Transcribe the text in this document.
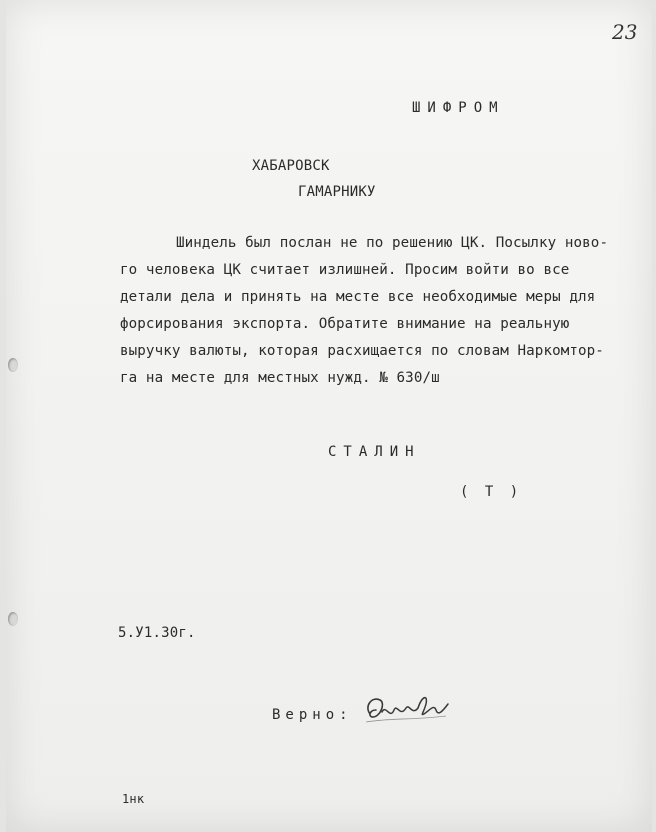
23
ШИФРОМ
ХАБАРОВСК
ГАМАРНИКУ
Шиндель был послан не по решению ЦК. Посылку ново-
го человека ЦК считает излишней. Просим войти во все
детали дела и принять на месте все необходимые меры для
форсирования экспорта. Обратите внимание на реальную
выручку валюты, которая расхищается по словам Наркомтор-
га на месте для местных нужд. № 630/ш
СТАЛИН
( Т )
5.У1.30г.
Верно:
1нк
